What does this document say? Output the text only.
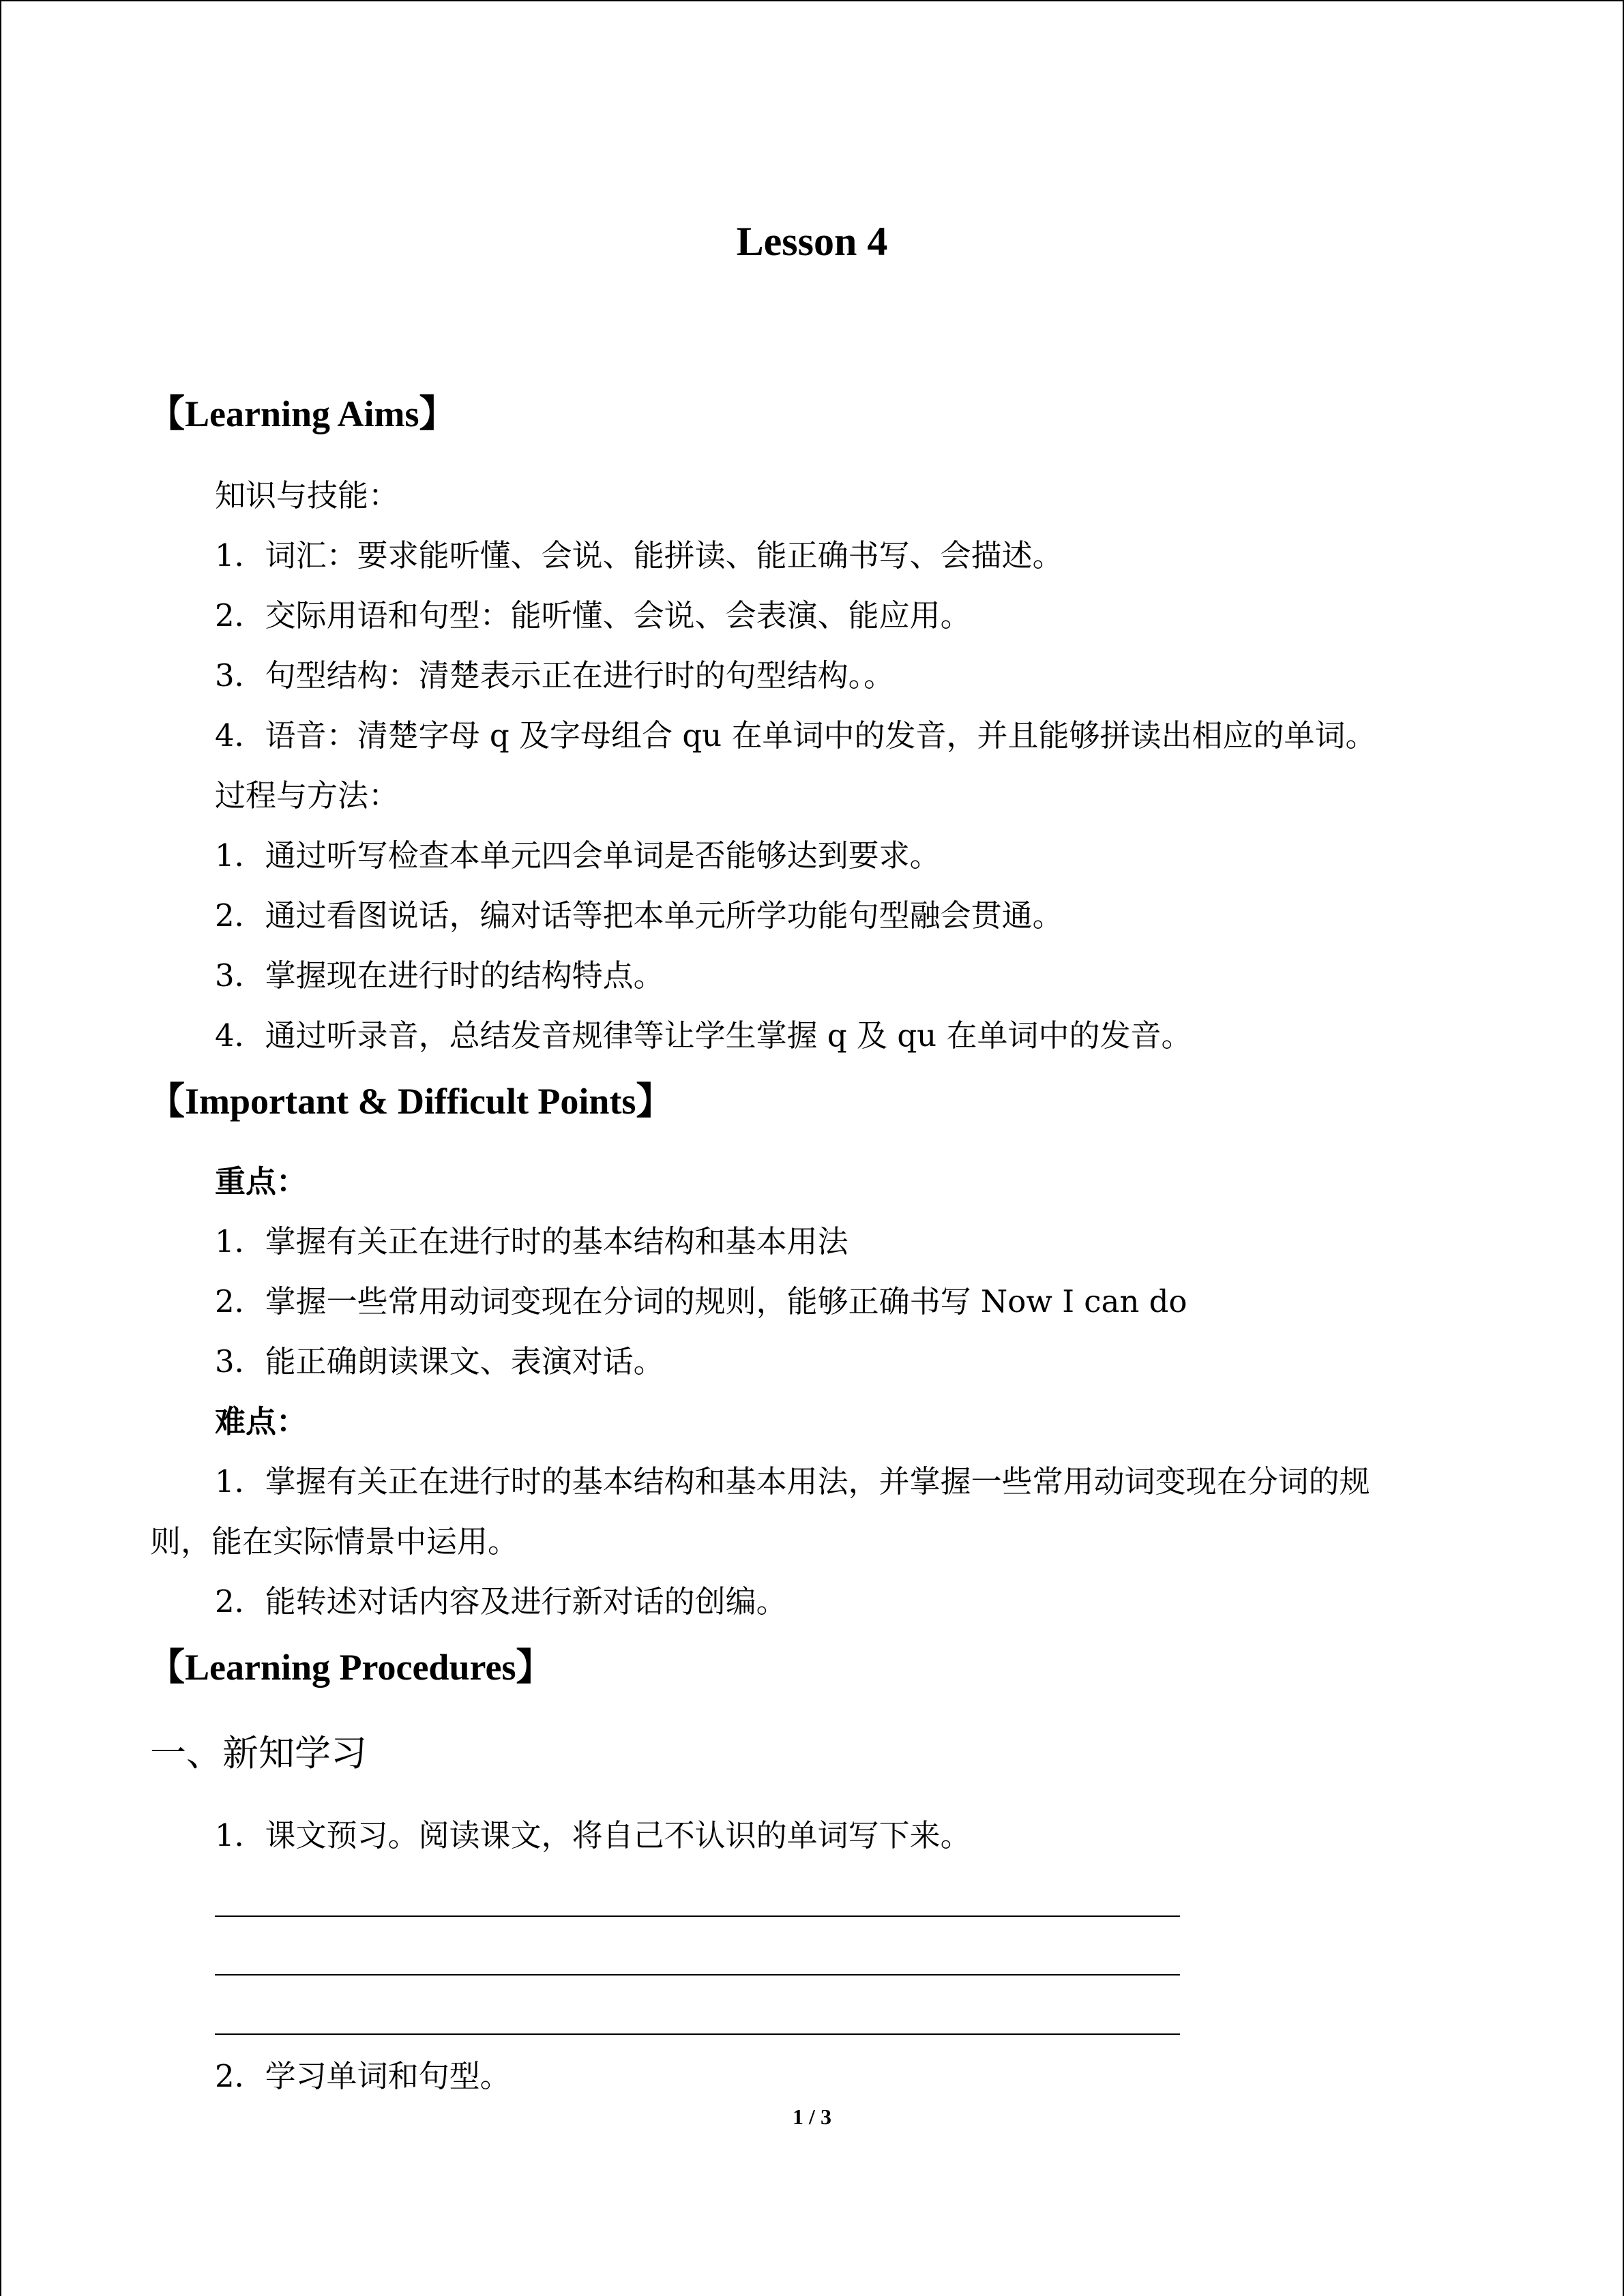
Lesson 4
【Learning Aims】
知识与技能：
1．词汇：要求能听懂、会说、能拼读、能正确书写、会描述。
2．交际用语和句型：能听懂、会说、会表演、能应用。
3．句型结构：清楚表示正在进行时的句型结构。。
4．语音：清楚字母 q 及字母组合 qu 在单词中的发音，并且能够拼读出相应的单词。
过程与方法：
1．通过听写检查本单元四会单词是否能够达到要求。
2．通过看图说话，编对话等把本单元所学功能句型融会贯通。
3．掌握现在进行时的结构特点。
4．通过听录音，总结发音规律等让学生掌握 q 及 qu 在单词中的发音。
【Important & Difficult Points】
重点：
1．掌握有关正在进行时的基本结构和基本用法
2．掌握一些常用动词变现在分词的规则，能够正确书写 Now I can do
3．能正确朗读课文、表演对话。
难点：
1．掌握有关正在进行时的基本结构和基本用法，并掌握一些常用动词变现在分词的规
则，能在实际情景中运用。
2．能转述对话内容及进行新对话的创编。
【Learning Procedures】
一、新知学习
1．课文预习。阅读课文，将自己不认识的单词写下来。
2．学习单词和句型。
1 / 3
